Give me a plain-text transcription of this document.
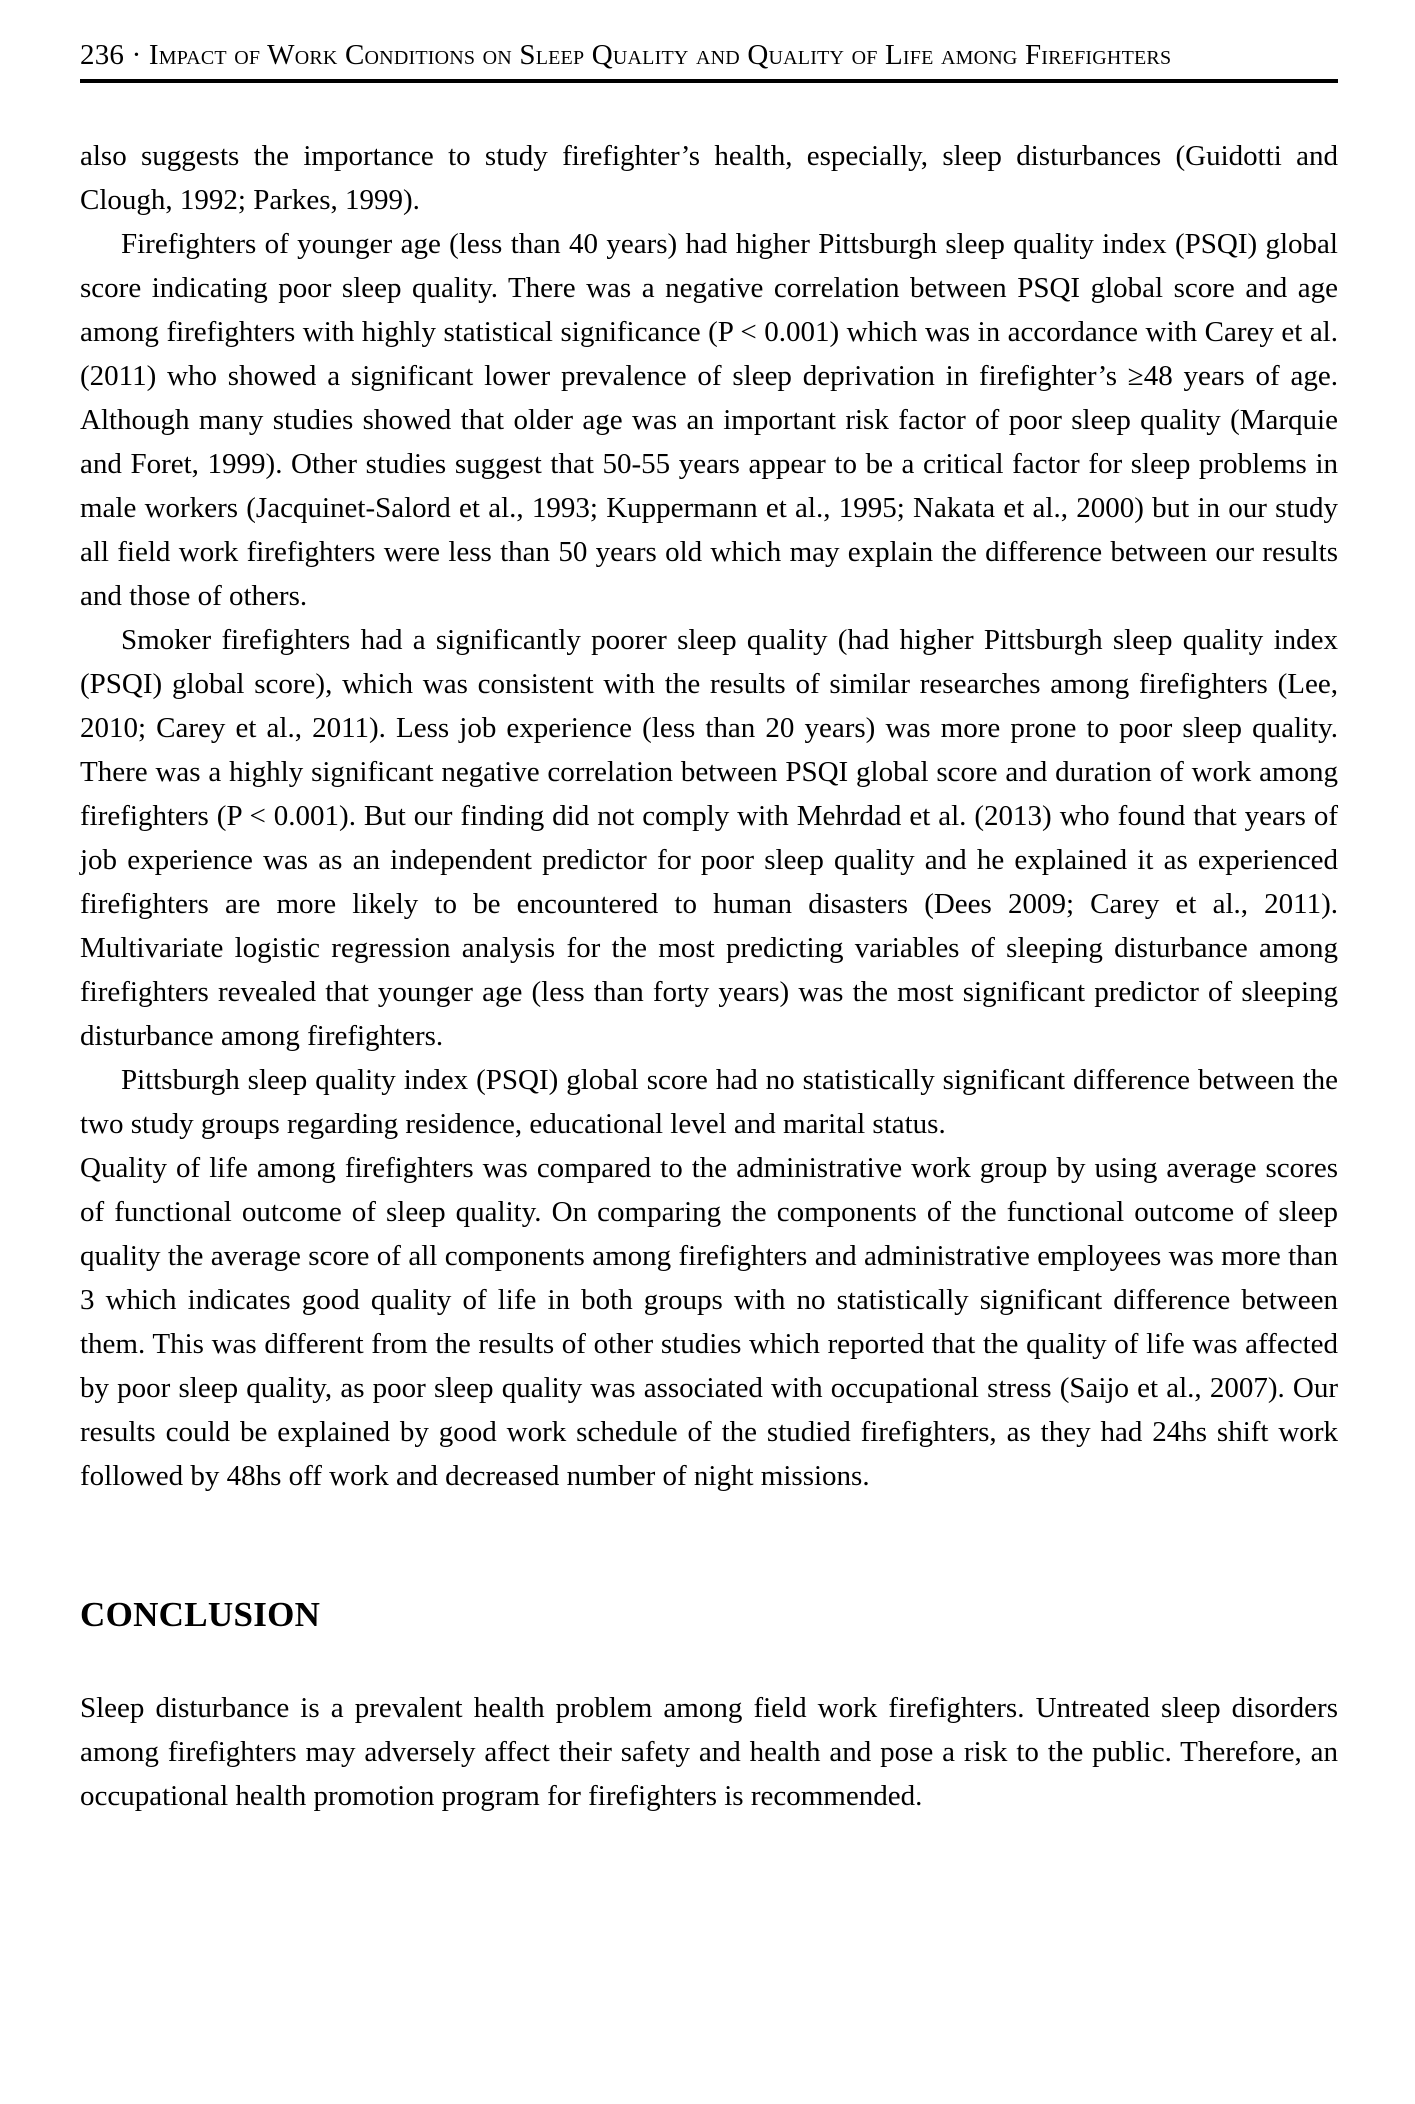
236 · Impact of Work Conditions on Sleep Quality and Quality of Life among Firefighters

also suggests the importance to study firefighter’s health, especially, sleep disturbances (Guidotti and Clough, 1992; Parkes, 1999).

Firefighters of younger age (less than 40 years) had higher Pittsburgh sleep quality index (PSQI) global score indicating poor sleep quality. There was a negative correlation between PSQI global score and age among firefighters with highly statistical significance (P < 0.001) which was in accordance with Carey et al. (2011) who showed a significant lower prevalence of sleep deprivation in firefighter’s ≥48 years of age. Although many studies showed that older age was an important risk factor of poor sleep quality (Marquie and Foret, 1999). Other studies suggest that 50-55 years appear to be a critical factor for sleep problems in male workers (Jacquinet-Salord et al., 1993; Kuppermann et al., 1995; Nakata et al., 2000) but in our study all field work firefighters were less than 50 years old which may explain the difference between our results and those of others.

Smoker firefighters had a significantly poorer sleep quality (had higher Pittsburgh sleep quality index (PSQI) global score), which was consistent with the results of similar researches among firefighters (Lee, 2010; Carey et al., 2011). Less job experience (less than 20 years) was more prone to poor sleep quality. There was a highly significant negative correlation between PSQI global score and duration of work among firefighters (P < 0.001). But our finding did not comply with Mehrdad et al. (2013) who found that years of job experience was as an independent predictor for poor sleep quality and he explained it as experienced firefighters are more likely to be encountered to human disasters (Dees 2009; Carey et al., 2011). Multivariate logistic regression analysis for the most predicting variables of sleeping disturbance among firefighters revealed that younger age (less than forty years) was the most significant predictor of sleeping disturbance among firefighters.

Pittsburgh sleep quality index (PSQI) global score had no statistically significant difference between the two study groups regarding residence, educational level and marital status.

Quality of life among firefighters was compared to the administrative work group by using average scores of functional outcome of sleep quality. On comparing the components of the functional outcome of sleep quality the average score of all components among firefighters and administrative employees was more than 3 which indicates good quality of life in both groups with no statistically significant difference between them. This was different from the results of other studies which reported that the quality of life was affected by poor sleep quality, as poor sleep quality was associated with occupational stress (Saijo et al., 2007). Our results could be explained by good work schedule of the studied firefighters, as they had 24hs shift work followed by 48hs off work and decreased number of night missions.

CONCLUSION

Sleep disturbance is a prevalent health problem among field work firefighters. Untreated sleep disorders among firefighters may adversely affect their safety and health and pose a risk to the public. Therefore, an occupational health promotion program for firefighters is recommended.
